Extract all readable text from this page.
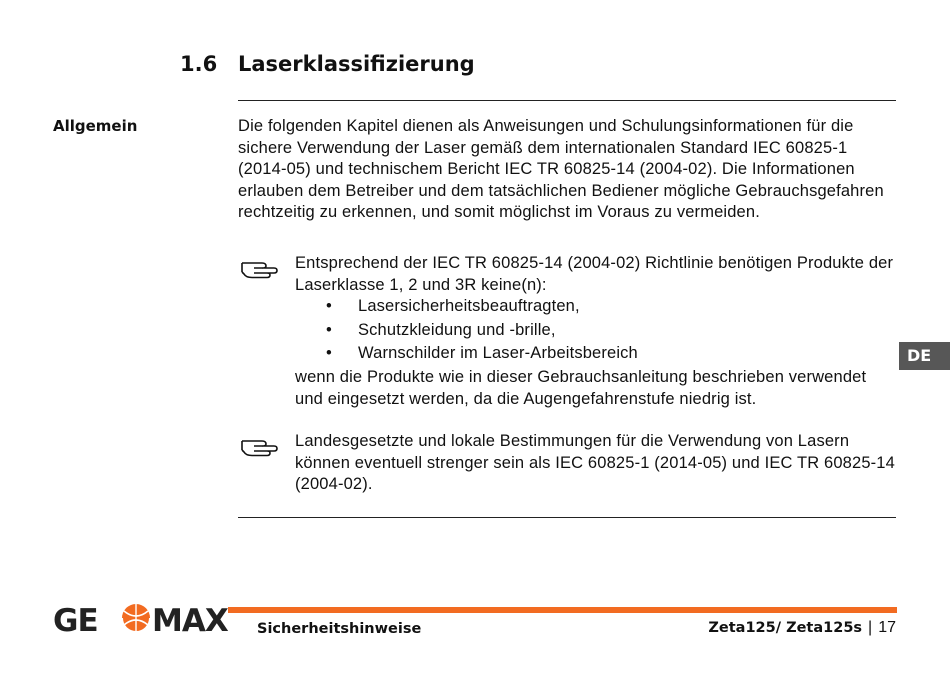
1.6 Laserklassifizierung
Allgemein	Die folgenden Kapitel dienen als Anweisungen und Schulungsinformationen für die sichere Verwendung der Laser gemäß dem internationalen Standard IEC 60825-1 (2014-05) und technischem Bericht IEC TR 60825-14 (2004-02). Die Informationen erlauben dem Betreiber und dem tatsächlichen Bediener mögliche Gebrauchsgefahren rechtzeitig zu erkennen, und somit möglichst im Voraus zu vermeiden.

Entsprechend der IEC TR 60825-14 (2004-02) Richtlinie benötigen Produkte der Laserklasse 1, 2 und 3R keine(n):
• Lasersicherheitsbeauftragten,
• Schutzkleidung und -brille,
• Warnschilder im Laser-Arbeitsbereich
wenn die Produkte wie in dieser Gebrauchsanleitung beschrieben verwendet und eingesetzt werden, da die Augengefahrenstufe niedrig ist.
Landesgesetzte und lokale Bestimmungen für die Verwendung von Lasern können eventuell strenger sein als IEC 60825-1 (2014-05) und IEC TR 60825-14 (2004-02).
DE
GE MAX Sicherheitshinweise	Zeta125/ Zeta125s | 17
